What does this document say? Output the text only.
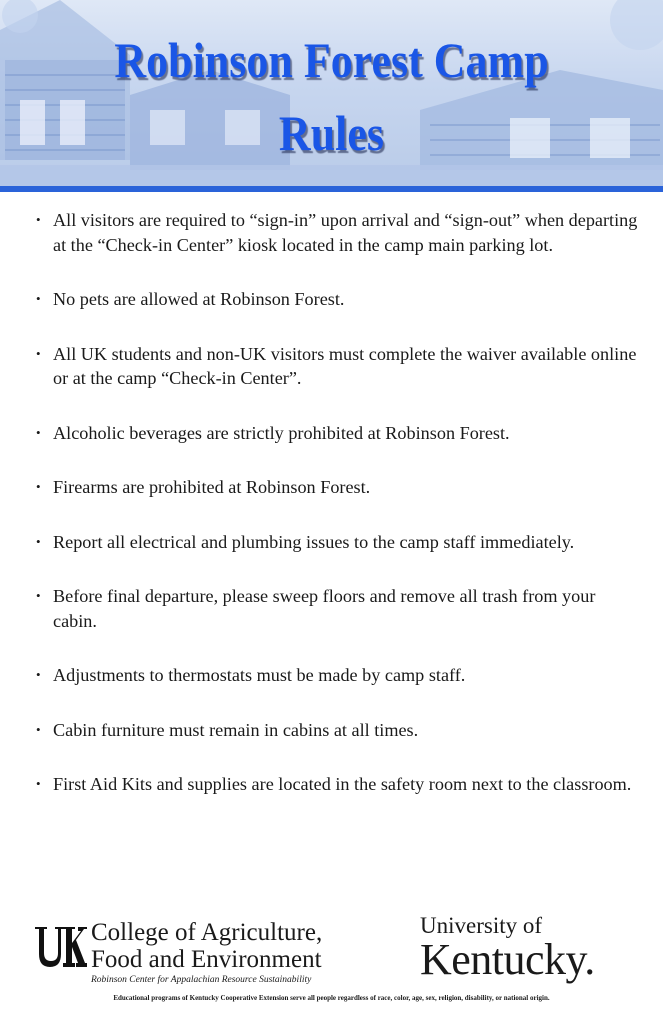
Robinson Forest Camp
Rules
• All visitors are required to “sign-in” upon arrival and “sign-out” when departing at the “Check-in Center” kiosk located in the camp main parking lot.
• No pets are allowed at Robinson Forest.
• All UK students and non-UK visitors must complete the waiver available online or at the camp “Check-in Center”.
• Alcoholic beverages are strictly prohibited at Robinson Forest.
• Firearms are prohibited at Robinson Forest.
• Report all electrical and plumbing issues to the camp staff immediately.
• Before final departure, please sweep floors and remove all trash from your cabin.
• Adjustments to thermostats must be made by camp staff.
• Cabin furniture must remain in cabins at all times.
• First Aid Kits and supplies are located in the safety room next to the classroom.
College of Agriculture,
Food and Environment
Robinson Center for Appalachian Resource Sustainability
University of
Kentucky.
Educational programs of Kentucky Cooperative Extension serve all people regardless of race, color, age, sex, religion, disability, or national origin.
